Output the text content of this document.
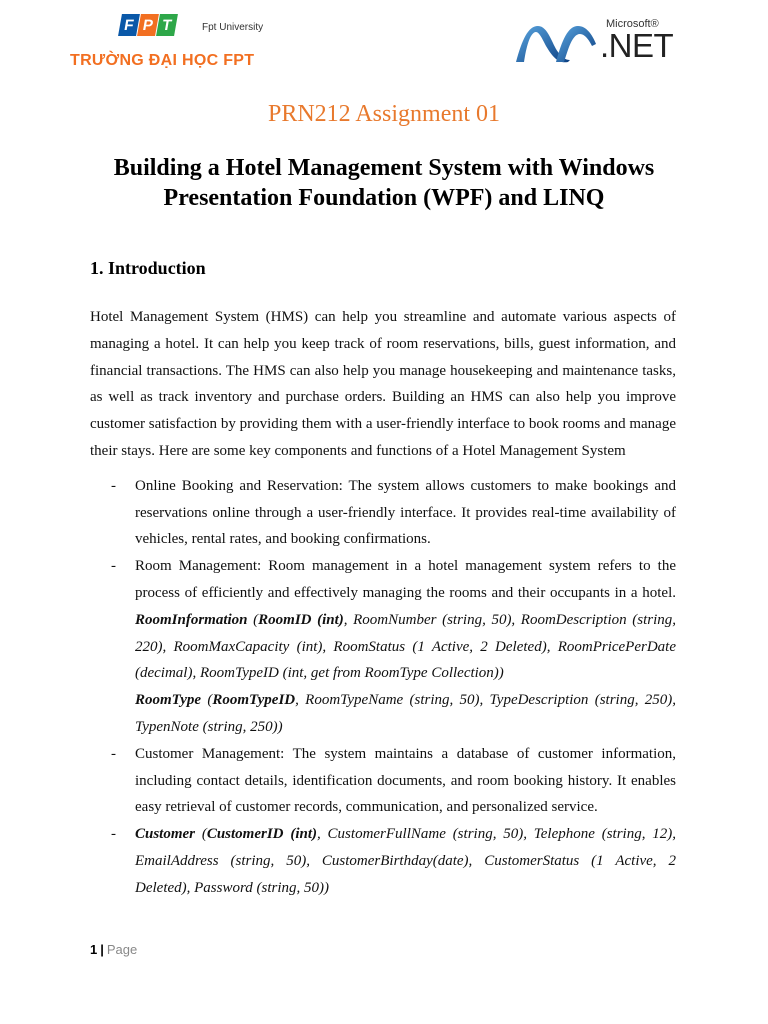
F P T	Fpt University
TRƯỜNG ĐẠI HỌC FPT
Microsoft®
.NET
PRN212 Assignment 01
Building a Hotel Management System with Windows Presentation Foundation (WPF) and LINQ
1. Introduction

Hotel Management System (HMS) can help you streamline and automate various aspects of managing a hotel. It can help you keep track of room reservations, bills, guest information, and financial transactions. The HMS can also help you manage housekeeping and maintenance tasks, as well as track inventory and purchase orders. Building an HMS can also help you improve customer satisfaction by providing them with a user-friendly interface to book rooms and manage their stays. Here are some key components and functions of a Hotel Management System

- Online Booking and Reservation: The system allows customers to make bookings and reservations online through a user-friendly interface. It provides real-time availability of vehicles, rental rates, and booking confirmations.
- Room Management: Room management in a hotel management system refers to the process of efficiently and effectively managing the rooms and their occupants in a hotel. RoomInformation (RoomID (int), RoomNumber (string, 50), RoomDescription (string, 220), RoomMaxCapacity (int), RoomStatus (1 Active, 2 Deleted), RoomPricePerDate (decimal), RoomTypeID (int, get from RoomType Collection))
RoomType (RoomTypeID, RoomTypeName (string, 50), TypeDescription (string, 250), TypenNote (string, 250))
- Customer Management: The system maintains a database of customer information, including contact details, identification documents, and room booking history. It enables easy retrieval of customer records, communication, and personalized service.
- Customer (CustomerID (int), CustomerFullName (string, 50), Telephone (string, 12), EmailAddress (string, 50), CustomerBirthday(date), CustomerStatus (1 Active, 2 Deleted), Password (string, 50))
1 | Page
